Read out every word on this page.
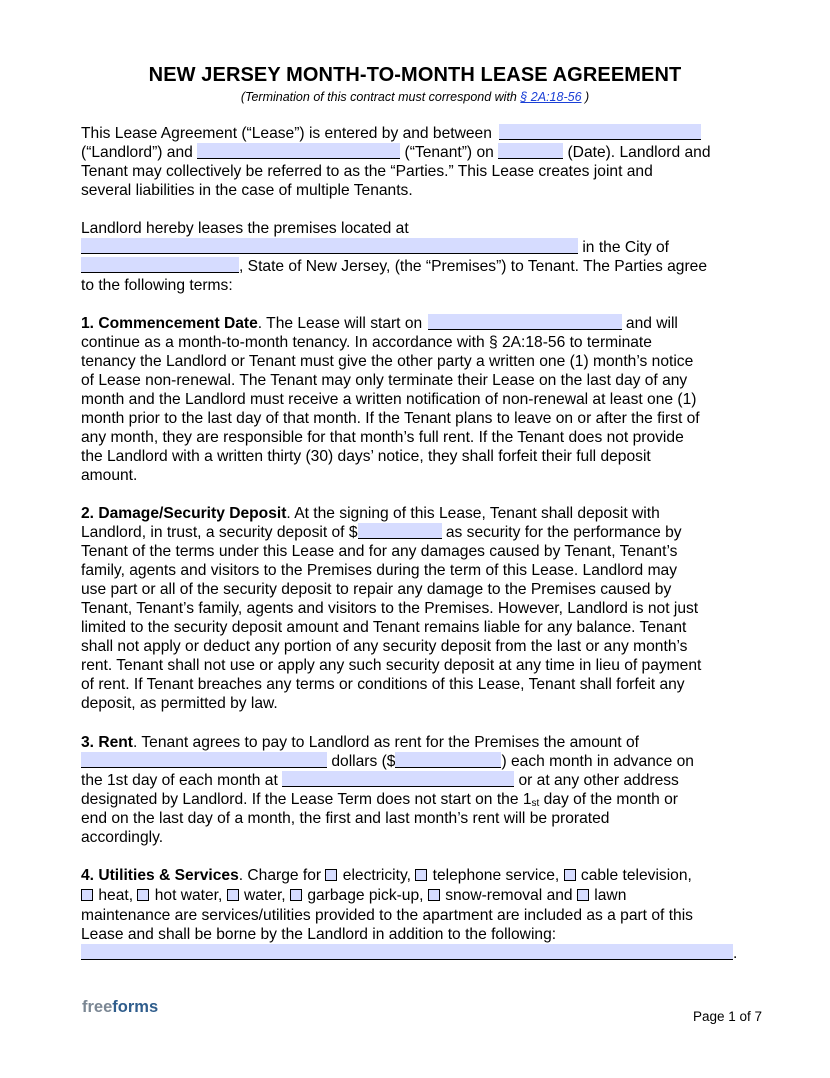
NEW JERSEY MONTH-TO-MONTH LEASE AGREEMENT
(Termination of this contract must correspond with § 2A:18-56 )
This Lease Agreement (“Lease”) is entered by and between
(“Landlord”) and	(“Tenant”) on	(Date). Landlord and
Tenant may collectively be referred to as the “Parties.” This Lease creates joint and
several liabilities in the case of multiple Tenants.
Landlord hereby leases the premises located at
in the City of
, State of New Jersey, (the “Premises”) to Tenant. The Parties agree
to the following terms:
1. Commencement Date. The Lease will start on	and will
continue as a month-to-month tenancy. In accordance with § 2A:18-56 to terminate
tenancy the Landlord or Tenant must give the other party a written one (1) month’s notice
of Lease non-renewal. The Tenant may only terminate their Lease on the last day of any
month and the Landlord must receive a written notification of non-renewal at least one (1)
month prior to the last day of that month. If the Tenant plans to leave on or after the first of
any month, they are responsible for that month’s full rent. If the Tenant does not provide
the Landlord with a written thirty (30) days’ notice, they shall forfeit their full deposit
amount.
2. Damage/Security Deposit. At the signing of this Lease, Tenant shall deposit with
Landlord, in trust, a security deposit of $	as security for the performance by
Tenant of the terms under this Lease and for any damages caused by Tenant, Tenant’s
family, agents and visitors to the Premises during the term of this Lease. Landlord may
use part or all of the security deposit to repair any damage to the Premises caused by
Tenant, Tenant’s family, agents and visitors to the Premises. However, Landlord is not just
limited to the security deposit amount and Tenant remains liable for any balance. Tenant
shall not apply or deduct any portion of any security deposit from the last or any month’s
rent. Tenant shall not use or apply any such security deposit at any time in lieu of payment
of rent. If Tenant breaches any terms or conditions of this Lease, Tenant shall forfeit any
deposit, as permitted by law.
3. Rent. Tenant agrees to pay to Landlord as rent for the Premises the amount of
dollars ($	) each month in advance on
the 1st day of each month at	or at any other address
designated by Landlord. If the Lease Term does not start on the $1_{st}$ day of the month or
end on the last day of a month, the first and last month’s rent will be prorated
accordingly.
4. Utilities & Services. Charge for electricity, telephone service, cable television,
heat, hot water, water, garbage pick-up, snow-removal and lawn
maintenance are services/utilities provided to the apartment are included as a part of this
Lease and shall be borne by the Landlord in addition to the following:
.
freeforms
Page 1 of 7
